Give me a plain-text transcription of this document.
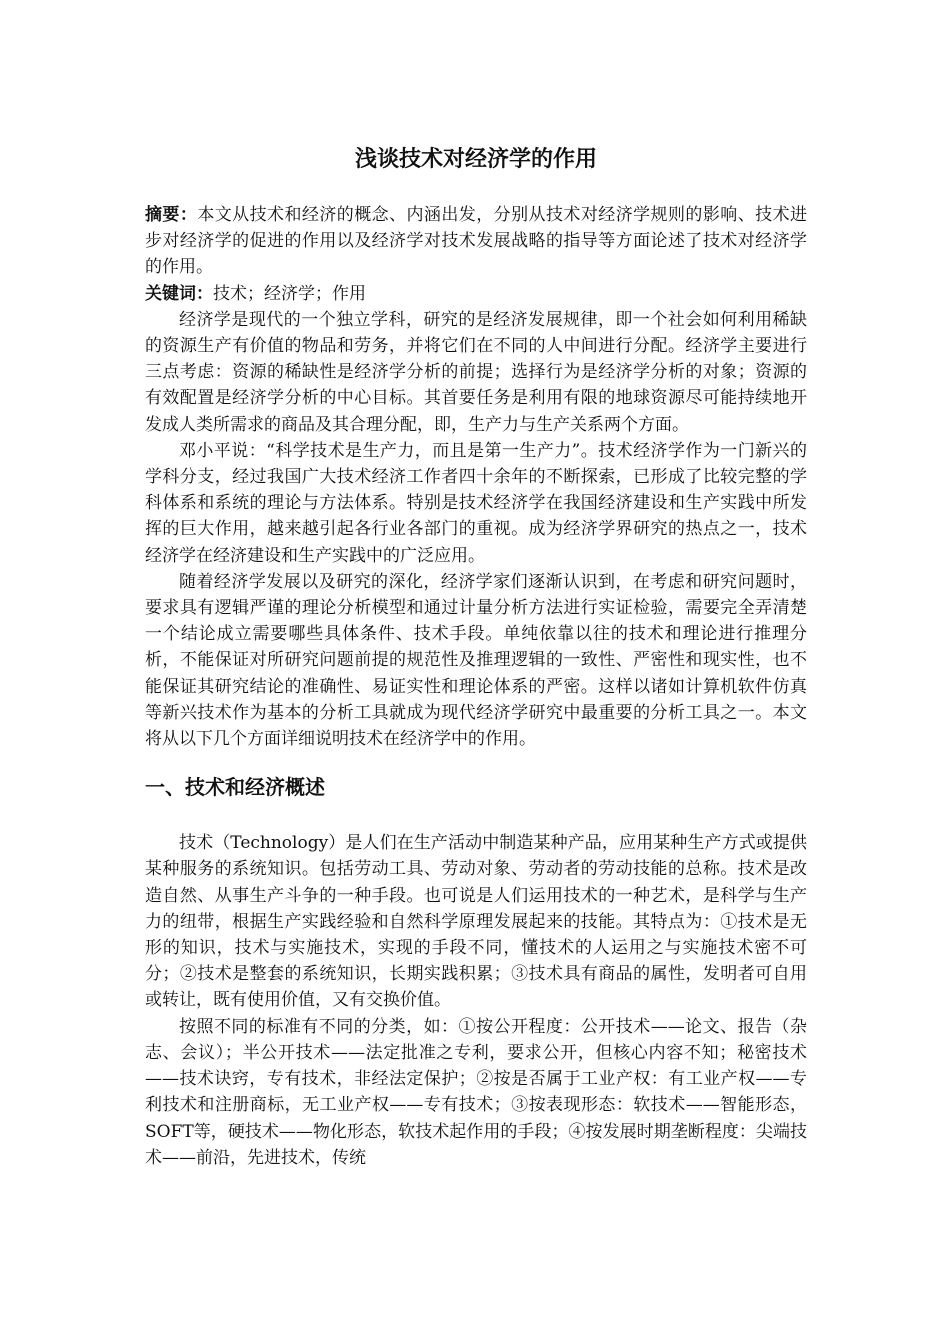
浅谈技术对经济学的作用

摘要：本文从技术和经济的概念、内涵出发，分别从技术对经济学规则的影响、技术进步对经济学的促进的作用以及经济学对技术发展战略的指导等方面论述了技术对经济学的作用。

关键词：技术；经济学；作用

经济学是现代的一个独立学科，研究的是经济发展规律，即一个社会如何利用稀缺的资源生产有价值的物品和劳务，并将它们在不同的人中间进行分配。经济学主要进行三点考虑：资源的稀缺性是经济学分析的前提；选择行为是经济学分析的对象；资源的有效配置是经济学分析的中心目标。其首要任务是利用有限的地球资源尽可能持续地开发成人类所需求的商品及其合理分配，即，生产力与生产关系两个方面。

邓小平说：“科学技术是生产力，而且是第一生产力”。技术经济学作为一门新兴的学科分支，经过我国广大技术经济工作者四十余年的不断探索，已形成了比较完整的学科体系和系统的理论与方法体系。特别是技术经济学在我国经济建设和生产实践中所发挥的巨大作用，越来越引起各行业各部门的重视。成为经济学界研究的热点之一，技术经济学在经济建设和生产实践中的广泛应用。

随着经济学发展以及研究的深化，经济学家们逐渐认识到，在考虑和研究问题时，要求具有逻辑严谨的理论分析模型和通过计量分析方法进行实证检验，需要完全弄清楚一个结论成立需要哪些具体条件、技术手段。单纯依靠以往的技术和理论进行推理分析，不能保证对所研究问题前提的规范性及推理逻辑的一致性、严密性和现实性，也不能保证其研究结论的准确性、易证实性和理论体系的严密。这样以诸如计算机软件仿真等新兴技术作为基本的分析工具就成为现代经济学研究中最重要的分析工具之一。本文将从以下几个方面详细说明技术在经济学中的作用。

一、技术和经济概述

技术（Technology）是人们在生产活动中制造某种产品，应用某种生产方式或提供某种服务的系统知识。包括劳动工具、劳动对象、劳动者的劳动技能的总称。技术是改造自然、从事生产斗争的一种手段。也可说是人们运用技术的一种艺术，是科学与生产力的纽带，根据生产实践经验和自然科学原理发展起来的技能。其特点为：①技术是无形的知识，技术与实施技术，实现的手段不同，懂技术的人运用之与实施技术密不可分；②技术是整套的系统知识，长期实践积累；③技术具有商品的属性，发明者可自用或转让，既有使用价值，又有交换价值。

按照不同的标准有不同的分类，如：①按公开程度：公开技术——论文、报告（杂志、会议）；半公开技术——法定批准之专利，要求公开，但核心内容不知；秘密技术——技术诀窍，专有技术，非经法定保护；②按是否属于工业产权：有工业产权——专利技术和注册商标，无工业产权——专有技术；③按表现形态：软技术——智能形态，SOFT等，硬技术——物化形态，软技术起作用的手段；④按发展时期垄断程度：尖端技术——前沿，先进技术，传统
